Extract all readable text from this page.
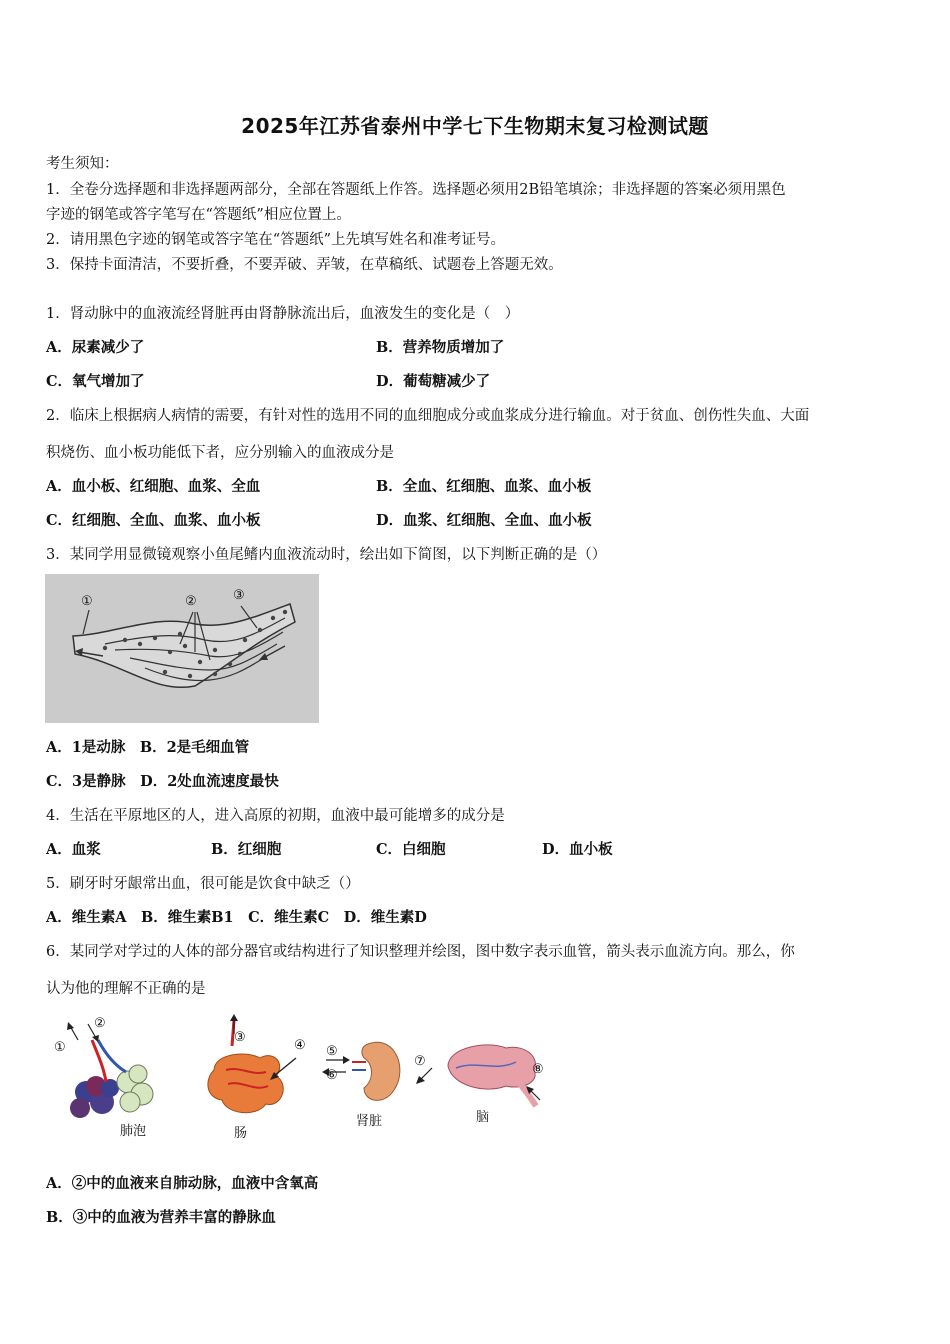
2025年江苏省泰州中学七下生物期末复习检测试题
考生须知：
1．全卷分选择题和非选择题两部分，全部在答题纸上作答。选择题必须用2B铅笔填涂；非选择题的答案必须用黑色
字迹的钢笔或答字笔写在“答题纸”相应位置上。
2．请用黑色字迹的钢笔或答字笔在“答题纸”上先填写姓名和准考证号。
3．保持卡面清洁，不要折叠，不要弄破、弄皱，在草稿纸、试题卷上答题无效。
1．肾动脉中的血液流经肾脏再由肾静脉流出后，血液发生的变化是（　）
A．尿素减少了	B．营养物质增加了
C．氧气增加了	D．葡萄糖减少了
2．临床上根据病人病情的需要，有针对性的选用不同的血细胞成分或血浆成分进行输血。对于贫血、创伤性失血、大面
积烧伤、血小板功能低下者，应分别输入的血液成分是
A．血小板、红细胞、血浆、全血	B．全血、红细胞、血浆、血小板
C．红细胞、全血、血浆、血小板	D．血浆、红细胞、全血、血小板
3．某同学用显微镜观察小鱼尾鳍内血液流动时，绘出如下简图，以下判断正确的是（）
①	②	③
A．1是动脉　B．2是毛细血管
C．3是静脉　D．2处血流速度最快
4．生活在平原地区的人，进入高原的初期，血液中最可能增多的成分是
A．血浆	B．红细胞	C．白细胞	D．血小板
5．刷牙时牙龈常出血，很可能是饮食中缺乏（）
A．维生素A　B．维生素B1　C．维生素C　D．维生素D
6．某同学对学过的人体的部分器官或结构进行了知识整理并绘图，图中数字表示血管，箭头表示血流方向。那么，你
认为他的理解不正确的是
①
②
③
④ ⑤
⑥
⑦
⑧
肺泡	肠
肾脏	脑
A．②中的血液来自肺动脉，血液中含氧高
B．③中的血液为营养丰富的静脉血
